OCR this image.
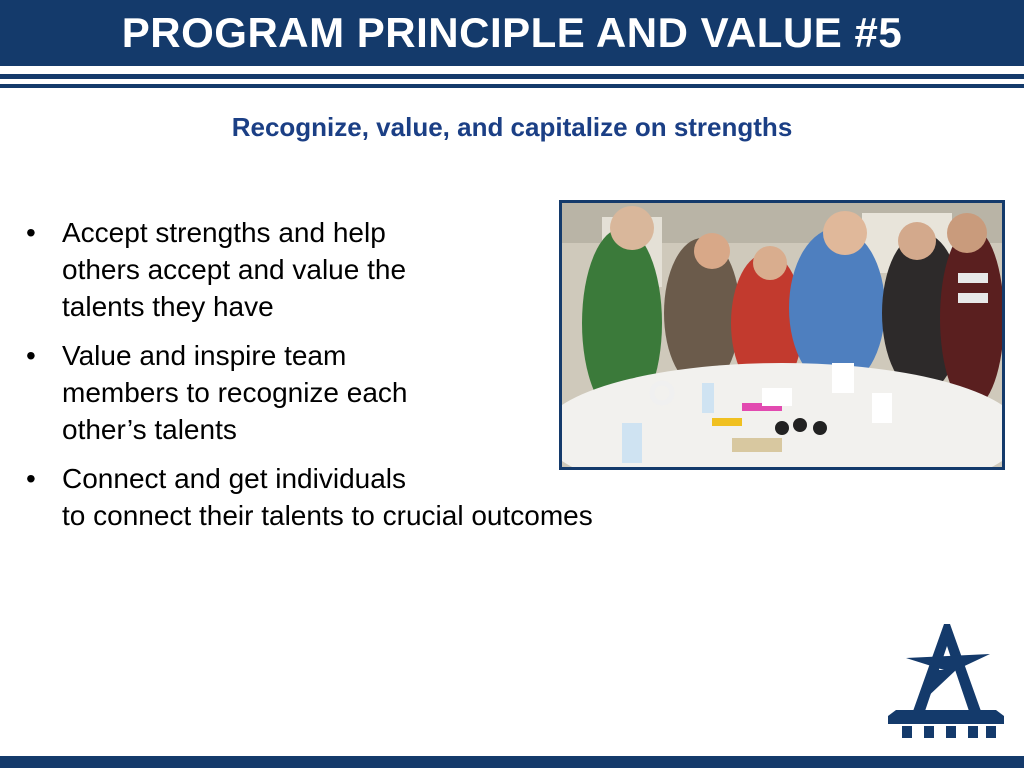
PROGRAM PRINCIPLE AND VALUE #5
Recognize, value, and capitalize on strengths
• Accept strengths and help
others accept and value the
talents they have
• Value and inspire team
members to recognize each
other’s talents
• Connect and get individuals
to connect their talents to crucial outcomes
